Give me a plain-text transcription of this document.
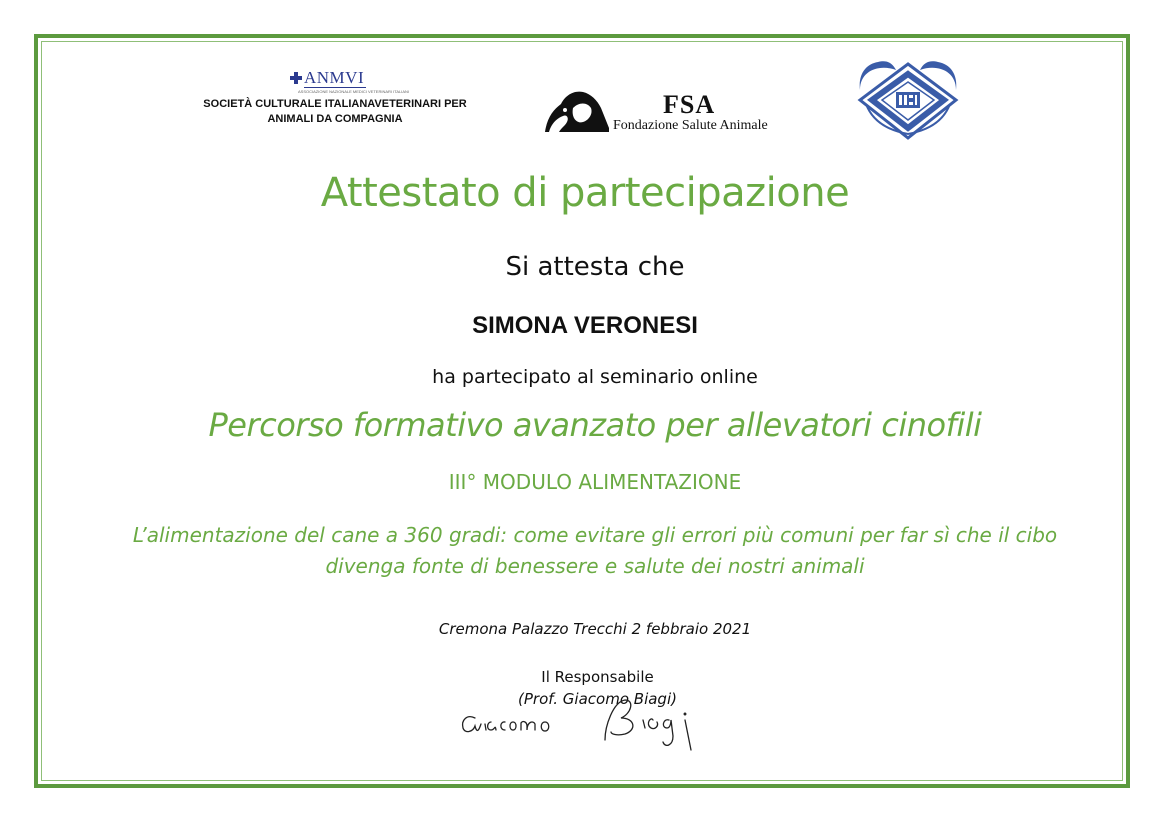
ANMVI
ASSOCIAZIONE NAZIONALE MEDICI VETERINARI ITALIANI
SOCIETÀ CULTURALE ITALIANAVETERINARI PER ANIMALI DA COMPAGNIA	FSA
Fondazione Salute Animale
Attestato di partecipazione
Si attesta che
SIMONA VERONESI
ha partecipato al seminario online
Percorso formativo avanzato per allevatori cinofili
III° MODULO ALIMENTAZIONE
L’alimentazione del cane a 360 gradi: come evitare gli errori più comuni per far sì che il cibo divenga fonte di benessere e salute dei nostri animali
Cremona Palazzo Trecchi 2 febbraio 2021
Il Responsabile
(Prof. Giacomo Biagi)
